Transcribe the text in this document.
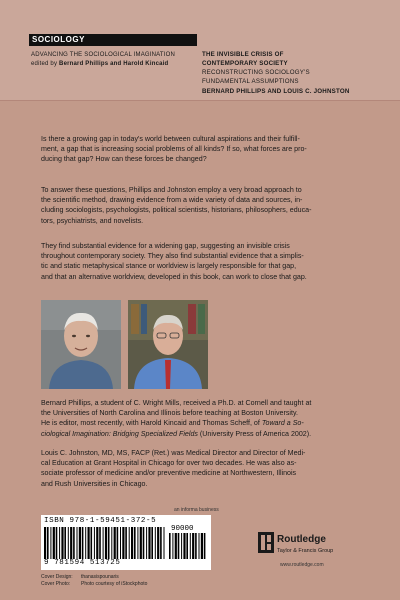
SOCIOLOGY
ADVANCING THE SOCIOLOGICAL IMAGINATION
edited by Bernard Phillips and Harold Kincaid
THE INVISIBLE CRISIS OF
CONTEMPORARY SOCIETY
RECONSTRUCTING SOCIOLOGY'S
FUNDAMENTAL ASSUMPTIONS
BERNARD PHILLIPS AND LOUIS C. JOHNSTON
Is there a growing gap in today's world between cultural aspirations and their fulfill-
ment, a gap that is increasing social problems of all kinds? If so, what forces are pro-
ducing that gap? How can these forces be changed?
To answer these questions, Phillips and Johnston employ a very broad approach to
the scientific method, drawing evidence from a wide variety of data and sources, in-
cluding sociologists, psychologists, political scientists, historians, philosophers, educa-
tors, psychiatrists, and novelists.
They find substantial evidence for a widening gap, suggesting an invisible crisis
throughout contemporary society. They also find substantial evidence that a simplis-
tic and static metaphysical stance or worldview is largely responsible for that gap,
and that an alternative worldview, developed in this book, can work to close that gap.
Bernard Phillips, a student of C. Wright Mills, received a Ph.D. at Cornell and taught at
the Universities of North Carolina and Illinois before teaching at Boston University.
He is editor, most recently, with Harold Kincaid and Thomas Scheff, of Toward a So-
ciological Imagination: Bridging Specialized Fields (University Press of America 2002).
Louis C. Johnston, MD, MS, FACP (Ret.) was Medical Director and Director of Medi-
cal Education at Grant Hospital in Chicago for over two decades. He was also as-
sociate professor of medicine and/or preventive medicine at Northwestern, Illinois
and Rush Universities in Chicago.
an informa business
ISBN 978-1-59451-372-5
9 781594 513725
90000
Routledge
Taylor & Francis Group
www.routledge.com
Cover Design: thanasispounaris
Cover Photo: Photo courtesy of iStockphoto
